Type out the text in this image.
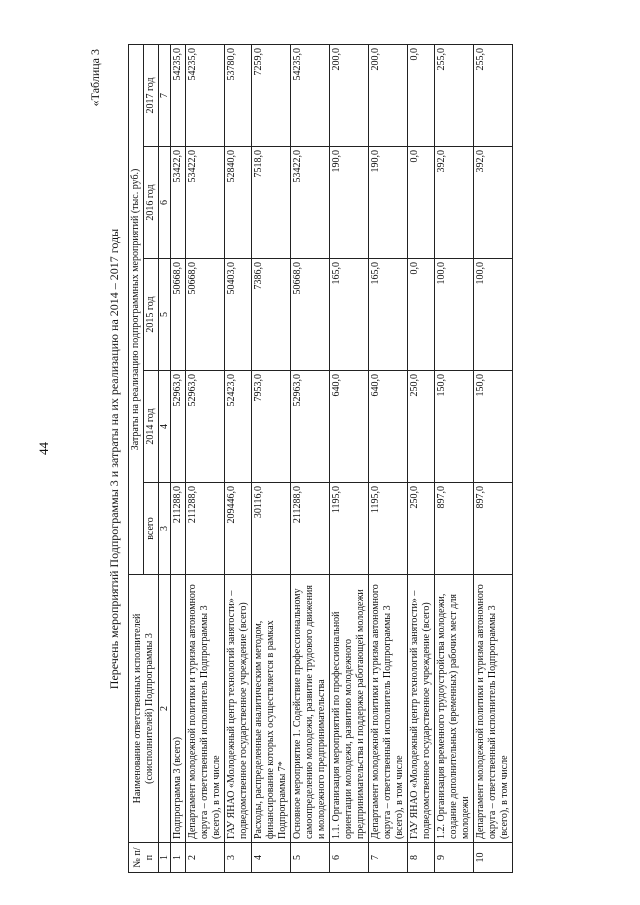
44
«Таблица 3
Перечень мероприятий Подпрограммы 3 и затраты на их реализацию на 2014 – 2017 годы
№ п/п	Наименование ответственных исполнителей (соисполнителей) Подпрограммы 3	Затраты на реализацию подпрограммных мероприятий (тыс. руб.)				
		всего	2014 год	2015 год	2016 год	2017 год
1	2	3	4	5	6	7
1	Подпрограмма 3 (всего)	211288,0	52963,0	50668,0	53422,0	54235,0
2	Департамент молодежной политики и туризма автономного округа – ответственный исполнитель Подпрограммы 3 (всего), в том числе	211288,0	52963,0	50668,0	53422,0	54235,0
3	ГАУ ЯНАО «Молодежный центр технологий занятости» – подведомственное государственное учреждение (всего)	209446,0	52423,0	50403,0	52840,0	53780,0
4	Расходы, распределенные аналитическим методом, финансирование которых осуществляется в рамках Подпрограммы 7*	30116,0	7953,0	7386,0	7518,0	7259,0
5	Основное мероприятие 1. Содействие профессиональному самоопределению молодежи, развитие трудового движения и молодежного предпринимательства	211288,0	52963,0	50668,0	53422,0	54235,0
6	1.1. Организация мероприятий по профессиональной ориентации молодежи, развитию молодежного предпринимательства и поддержке работающей молодежи	1195,0	640,0	165,0	190,0	200,0
7	Департамент молодежной политики и туризма автономного округа – ответственный исполнитель Подпрограммы 3 (всего), в том числе	1195,0	640,0	165,0	190,0	200,0
8	ГАУ ЯНАО «Молодежный центр технологий занятости» – подведомственное государственное учреждение (всего)	250,0	250,0	0,0	0,0	0,0
9	1.2. Организация временного трудоустройства молодежи, создание дополнительных (временных) рабочих мест для молодежи	897,0	150,0	100,0	392,0	255,0
10	Департамент молодежной политики и туризма автономного округа – ответственный исполнитель Подпрограммы 3 (всего), в том числе	897,0	150,0	100,0	392,0	255,0
